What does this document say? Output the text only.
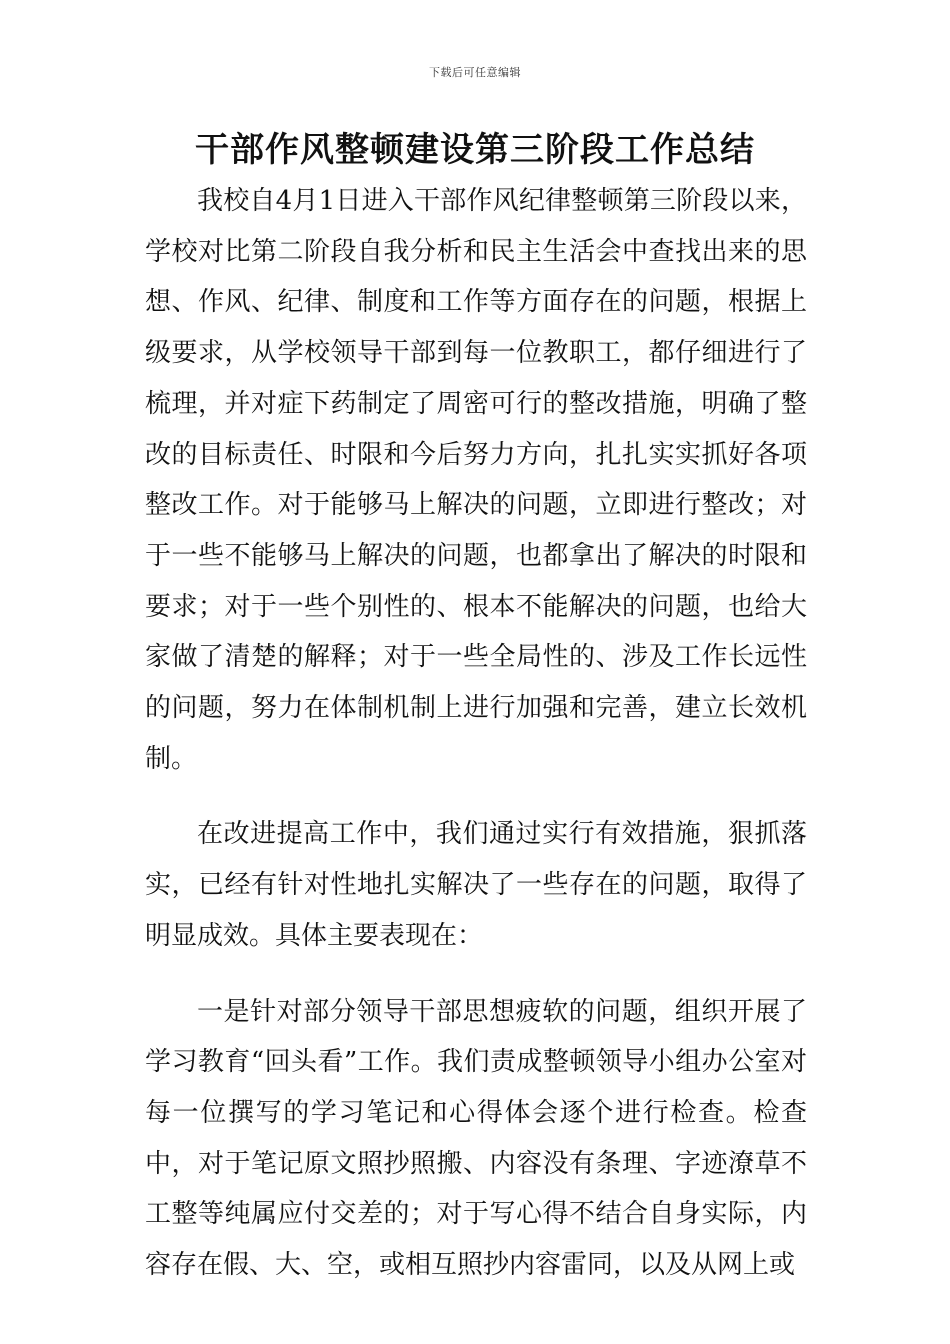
下载后可任意编辑
干部作风整顿建设第三阶段工作总结

我校自4月1日进入干部作风纪律整顿第三阶段以来，学校对比第二阶段自我分析和民主生活会中查找出来的思想、作风、纪律、制度和工作等方面存在的问题，根据上级要求，从学校领导干部到每一位教职工，都仔细进行了梳理，并对症下药制定了周密可行的整改措施，明确了整改的目标责任、时限和今后努力方向，扎扎实实抓好各项整改工作。对于能够马上解决的问题，立即进行整改；对于一些不能够马上解决的问题，也都拿出了解决的时限和要求；对于一些个别性的、根本不能解决的问题，也给大家做了清楚的解释；对于一些全局性的、涉及工作长远性的问题，努力在体制机制上进行加强和完善，建立长效机制。

在改进提高工作中，我们通过实行有效措施，狠抓落实，已经有针对性地扎实解决了一些存在的问题，取得了明显成效。具体主要表现在：

一是针对部分领导干部思想疲软的问题，组织开展了学习教育“回头看”工作。我们责成整顿领导小组办公室对每一位撰写的学习笔记和心得体会逐个进行检查。检查中，对于笔记原文照抄照搬、内容没有条理、字迹潦草不工整等纯属应付交差的；对于写心得不结合自身实际，内容存在假、大、空，或相互照抄内容雷同，以及从网上或
